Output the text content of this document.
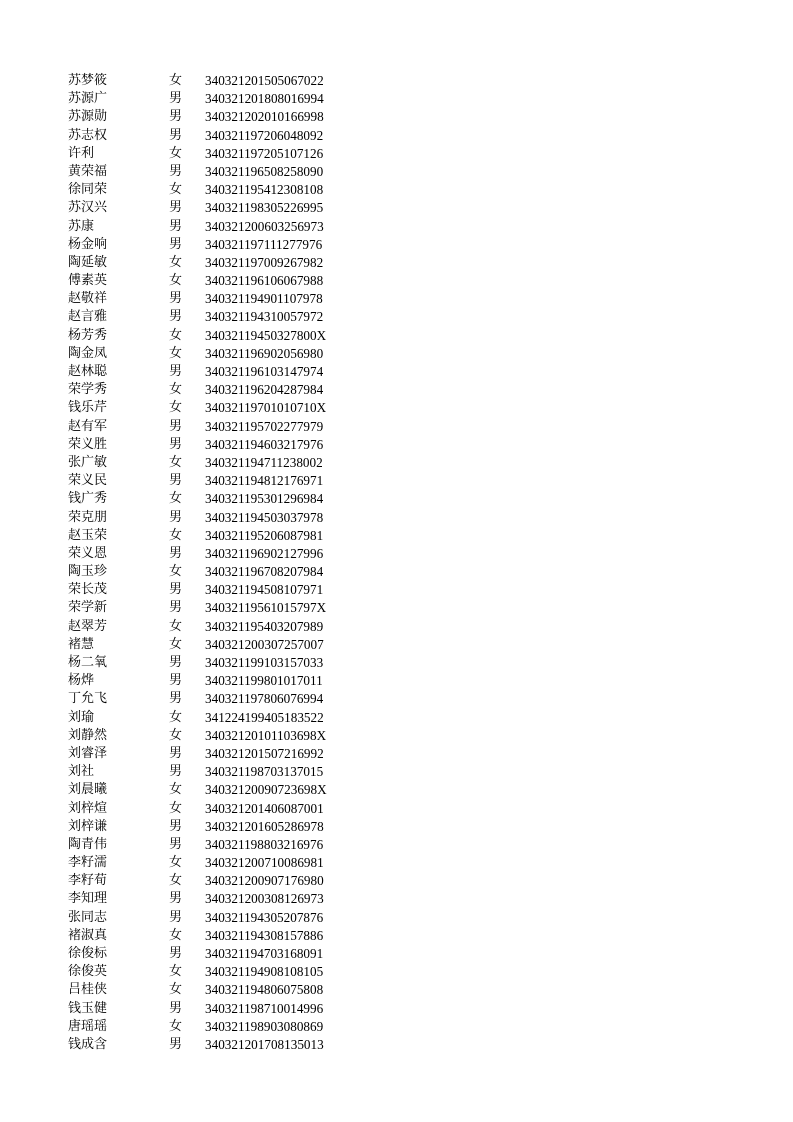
苏梦筱	女 340321201505067022
苏源广	男 340321201808016994
苏源勋	男 340321202010166998
苏志权	男 340321197206048092
许利	女 340321197205107126
黄荣福	男 340321196508258090
徐同荣	女 340321195412308108
苏汉兴	男 340321198305226995
苏康	男 340321200603256973
杨金响	男 340321197111277976
陶延敏	女 340321197009267982
傅素英	女 340321196106067988
赵敬祥	男 340321194901107978
赵言雅	男 340321194310057972
杨芳秀	女 34032119450327800X
陶金凤	女 340321196902056980
赵林聪	男 340321196103147974
荣学秀	女 340321196204287984
钱乐芹	女 34032119701010710X
赵有军	男 340321195702277979
荣义胜	男 340321194603217976
张广敏	女 340321194711238002
荣义民	男 340321194812176971
钱广秀	女 340321195301296984
荣克朋	男 340321194503037978
赵玉荣	女 340321195206087981
荣义恩	男 340321196902127996
陶玉珍	女 340321196708207984
荣长茂	男 340321194508107971
荣学新	男 34032119561015797X
赵翠芳	女 340321195403207989
褚慧	女 340321200307257007
杨二氧	男 340321199103157033
杨烨	男 340321199801017011
丁允飞	男 340321197806076994
刘瑜	女 341224199405183522
刘静然	女 34032120101103698X
刘睿泽	男 340321201507216992
刘社	男 340321198703137015
刘晨曦	女 34032120090723698X
刘梓煊	女 340321201406087001
刘梓谦	男 340321201605286978
陶青伟	男 340321198803216976
李籽濡	女 340321200710086981
李籽荀	女 340321200907176980
李知理	男 340321200308126973
张同志	男 340321194305207876
褚淑真	女 340321194308157886
徐俊标	男 340321194703168091
徐俊英	女 340321194908108105
吕桂侠	女 340321194806075808
钱玉健	男 340321198710014996
唐瑶瑶	女 340321198903080869
钱成含	男 340321201708135013
